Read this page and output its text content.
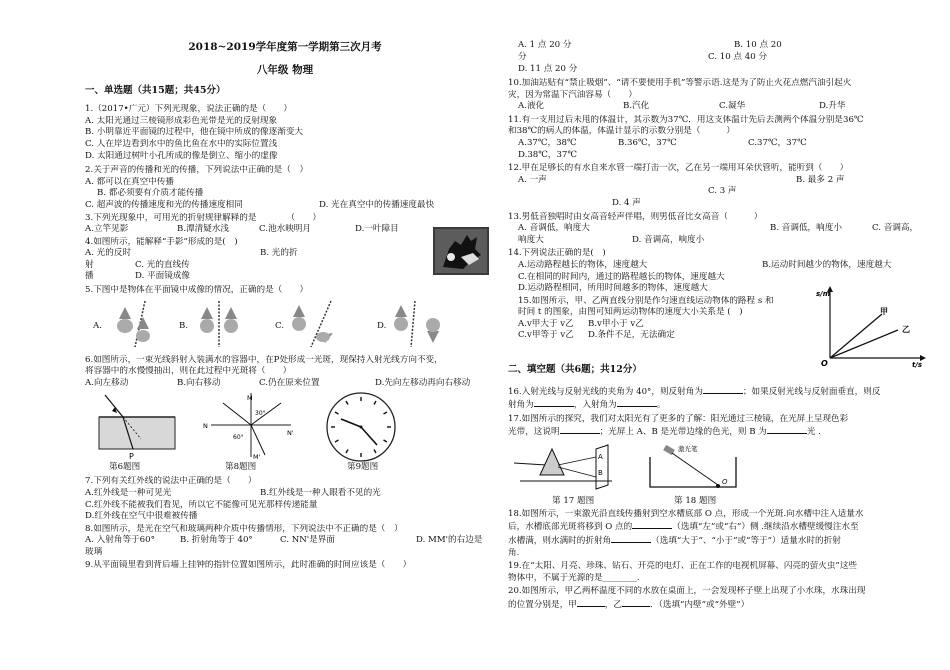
2018~2019学年度第一学期第三次月考
八年级 物理
一、单选题（共15题；共45分）
1.（2017•广元）下列光现象，说法正确的是（　　）
A. 太阳光通过三棱镜形成彩色光带是光的反射现象
B. 小明靠近平面镜的过程中，他在镜中所成的像逐渐变大
C. 人在岸边看到水中的鱼比鱼在水中的实际位置浅
D. 太阳通过树叶小孔所成的像是倒立、缩小的虚像
2.关于声音的传播和光的传播，下列说法中正确的是（　）
A. 都可以在真空中传播
B. 都必须要有介质才能传播
C. 超声波的传播速度和光的传播速度相同	D. 光在真空中的传播速度最快
3.下列光现象中，可用光的折射规律解释的是　　　　（　　）
A.立竿见影	B.潭清疑水浅	C.池水映明月	D.一叶障目
4.如图所示，能解释“手影”形成的是(　)
A. 光的反时	B. 光的折
射	C. 光的直线传
播	D. 平面镜成像
5.下图中是物体在平面镜中成像的情况，正确的是（　　）
A.	B.	C.	D.
6.如图所示，一束光线斜射入装满水的容器中，在P处形成一光斑，现保持入射光线方向不变，
将容器中的水慢慢抽出，则在此过程中光斑将（　　）
A.向左移动	B.向右移动	C.仍在原来位置	D.先向左移动再向右移动
P
N
N'
M
M'
30°
60°
第6题图	第8题图	第9题图
7.下列有关红外线的说法中正确的是（　　）
A.红外线是一种可见光	B.红外线是一种人眼看不见的光
C.红外线不能被我们看见，所以它不能像可见光那样传递能量
D.红外线在空气中很难被传播
8.如图所示，是光在空气和玻璃两种介质中传播情形，下列说法中不正确的是（　）
A. 入射角等于60°	B. 折射角等于 40°	C. NN'是界面	D. MM'的右边是
玻璃
9.从平面镜里看到背后墙上挂钟的指针位置如图所示，此时准确的时间应该是（　　）
A. 1 点 20 分	B. 10 点 20
分	C. 10 点 40 分
D. 11 点 20 分
10.加油站贴有“禁止吸烟”、“请不要使用手机”等警示语.这是为了防止火花点燃汽油引起火
灾，因为常温下汽油容易（　　）
A.液化	B.汽化	C.凝华	D.升华
11.有一支用过后未甩的体温计，其示数为37℃．用这支体温计先后去测两个体温分别是36℃
和38℃的病人的体温，体温计显示的示数分别是（　　　）
A.37℃，38℃	B.36℃，37℃	C.37℃，37℃
D.38℃，37℃
12.甲在足够长的有水自来水管一端打击一次，乙在另一端用耳朵伏管听，能听到（　　）
A. 一声	B. 最多 2 声
C. 3 声
D. 4 声
13.男低音独唱时由女高音轻声伴唱，则男低音比女高音（　　　）
A. 音调低，响度大	B. 音调低，响度小	C. 音调高，
响度大	D. 音调高，响度小
14.下列说法正确的是(　)
A.运动路程越长的物体，速度越大	B.运动时间越少的物体，速度越大
C.在相同的时间内，通过的路程越长的物体，速度越大
D.运动路程相同，所用时间越多的物体，速度越大
15.如图所示，甲、乙两直线分别是作匀速直线运动物体的路程 s 和
时间 t 的图象，由图可知两运动物体的速度大小关系是 (　)
A.v甲大于 v乙	B.v甲小于 v乙
C.v甲等于 v乙	D.条件不足，无法确定
s/m
t/s
O
甲
乙
二、填空题（共6题；共12分）
16.入射光线与反射光线的夹角为 40°，则反射角为	；如果反射光线与反射面垂直，则反
射角为	，入射角为	。
17.如图所示的探究，我们对太阳光有了更多的了解：阳光通过三棱镜，在光屏上呈现色彩
光带，这说明	；光屏上 A、B 是光带边缘的色光，则 B 为	光 .
A
B
激光笔
O
第 17 题图	第 18 题图
18.如图所示，一束激光沿直线传播射到空水槽底部 O 点，形成一个光斑.向水槽中注入适量水
后，水槽底部光斑将移到 O 点的	（选填“左”或“右”）侧 .继续沿水槽壁缓慢注水至
水槽满，则水满时的折射角	（选填“大于”、“小于”或“等于”）适量水时的折射
角.
19.在“太阳、月亮、珍珠、钻石、开亮的电灯、正在工作的电视机屏幕、闪亮的萤火虫”这些
物体中，不属于光源的是________.
20.如图所示，甲乙两杯温度不同的水放在桌面上，一会发现杯子壁上出现了小水珠，水珠出现
的位置分别是，甲	，乙	．（选填“内壁”或“外壁”）
